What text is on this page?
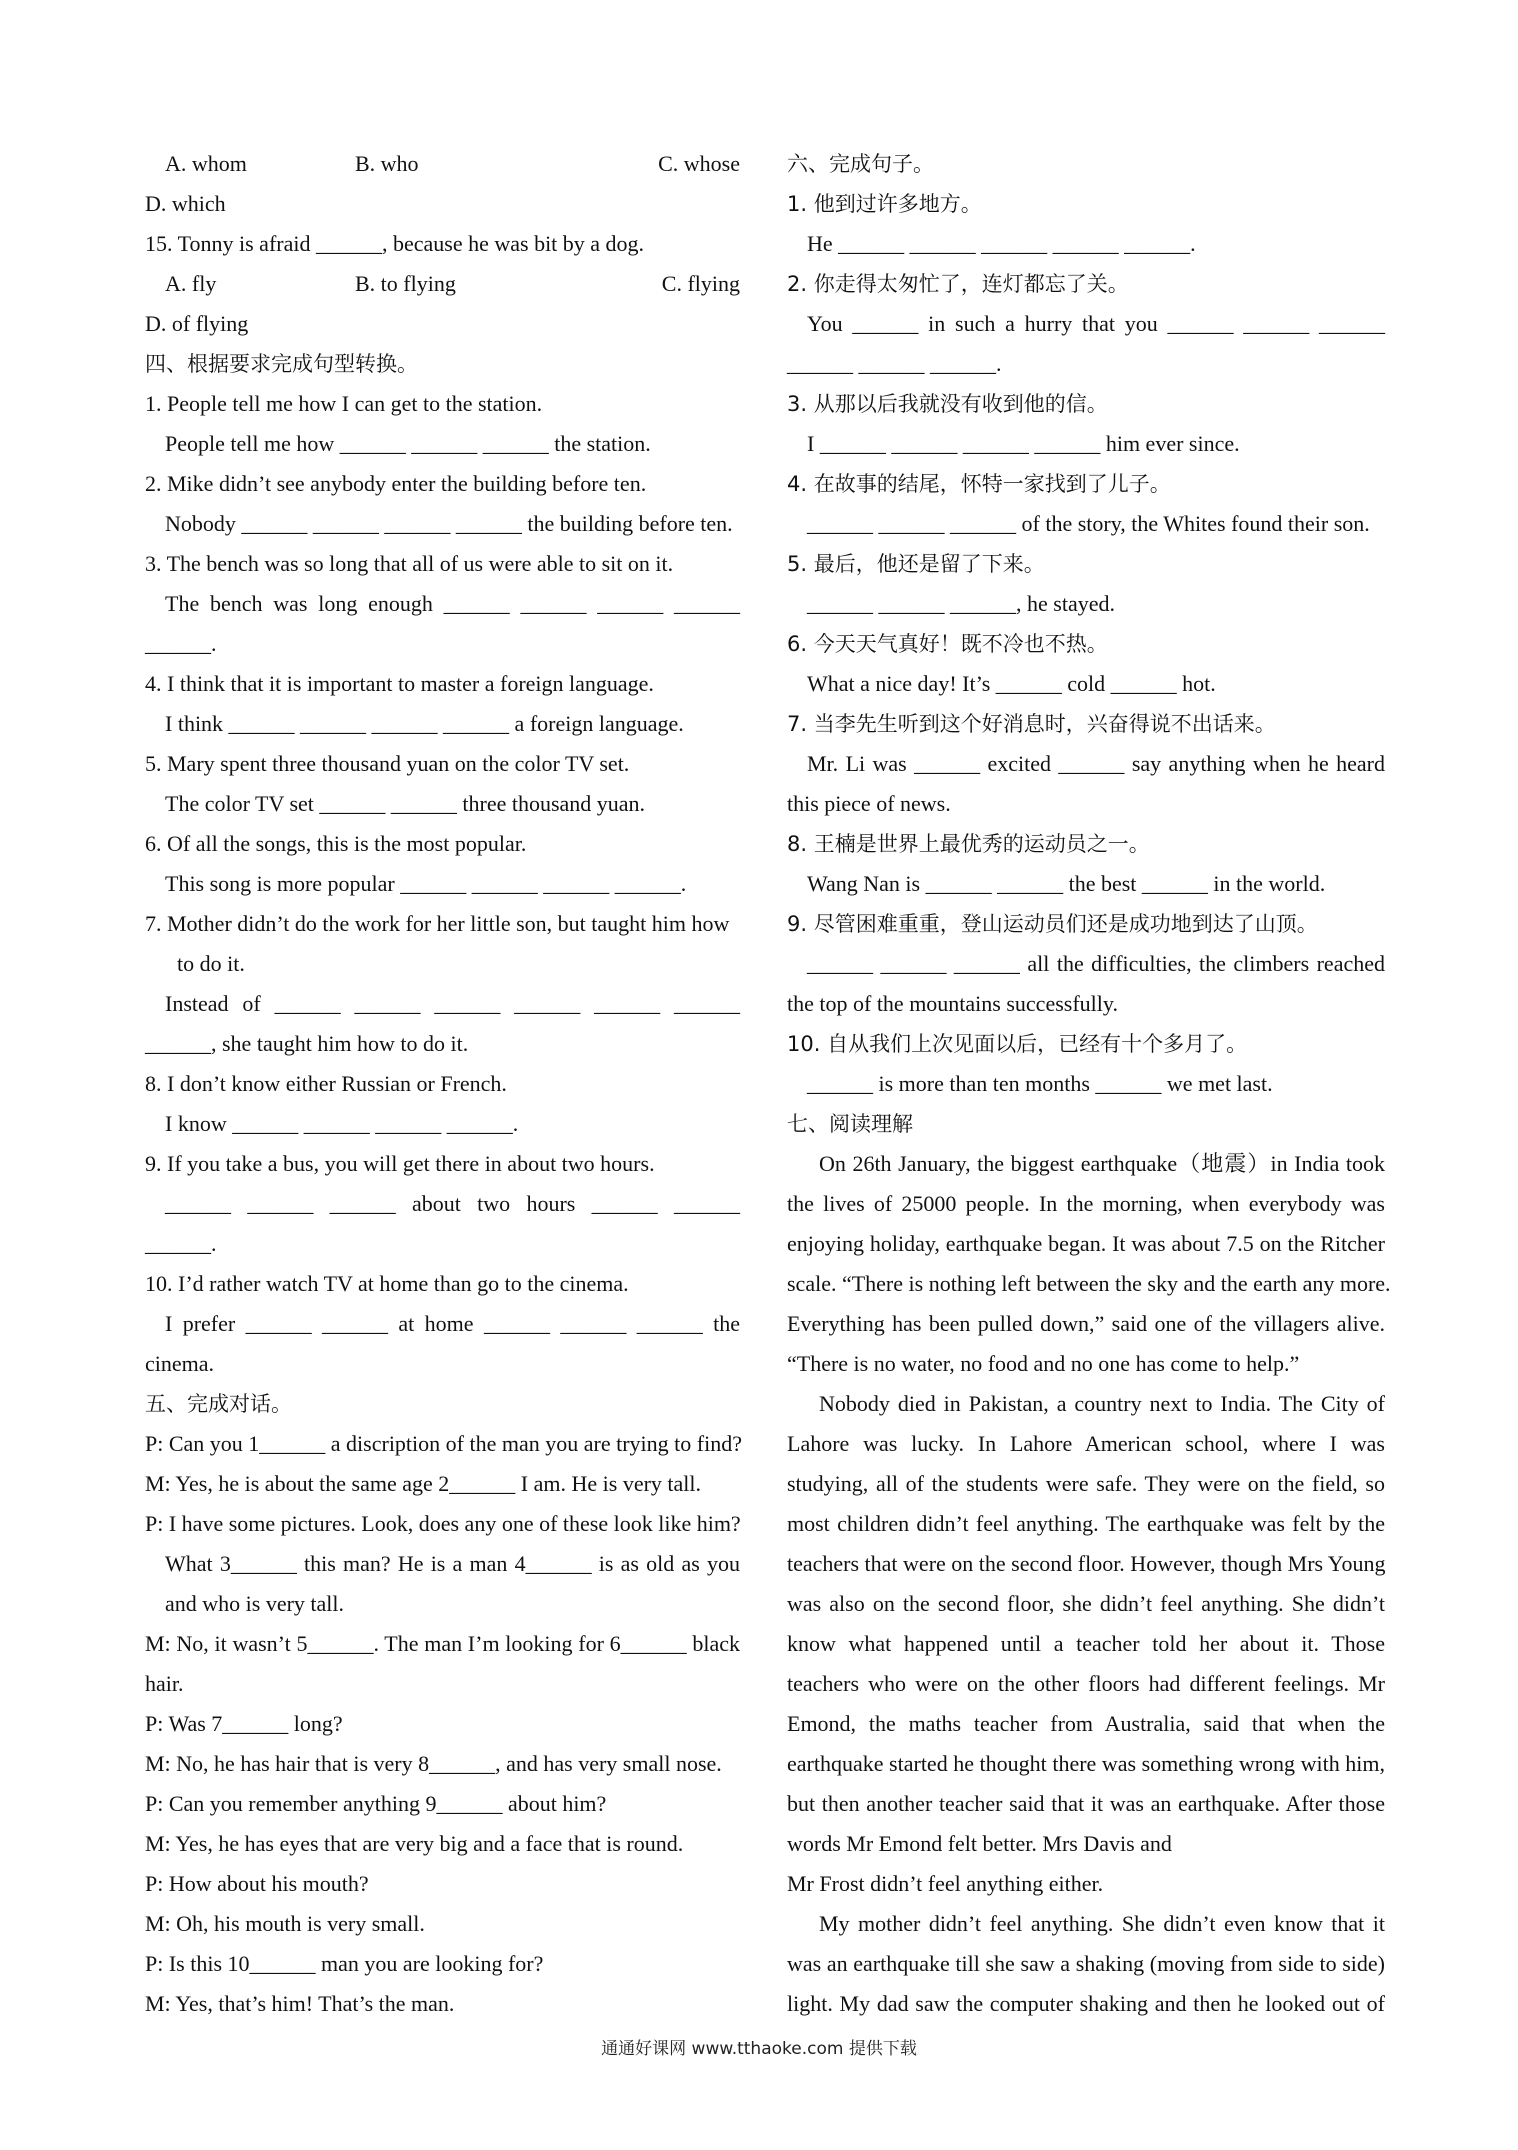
A. whom	B. who	C. whose
D. which
15. Tonny is afraid ______, because he was bit by a dog.
A. fly	B. to flying	C. flying
D. of flying
四、根据要求完成句型转换。
1. People tell me how I can get to the station.
People tell me how ______ ______ ______ the station.
2. Mike didn’t see anybody enter the building before ten.
Nobody ______ ______ ______ ______ the building before ten.
3. The bench was so long that all of us were able to sit on it.
The bench was long enough ______ ______ ______ ______
______.
4. I think that it is important to master a foreign language.
I think ______ ______ ______ ______ a foreign language.
5. Mary spent three thousand yuan on the color TV set.
The color TV set ______ ______ three thousand yuan.
6. Of all the songs, this is the most popular.
This song is more popular ______ ______ ______ ______.
7. Mother didn’t do the work for her little son, but taught him how
to do it.
Instead of ______ ______ ______ ______ ______ ______
______, she taught him how to do it.
8. I don’t know either Russian or French.
I know ______ ______ ______ ______.
9. If you take a bus, you will get there in about two hours.
______ ______ ______ about two hours ______ ______
______.
10. I’d rather watch TV at home than go to the cinema.
I prefer ______ ______ at home ______ ______ ______ the
cinema.
五、完成对话。
P: Can you 1______ a discription of the man you are trying to find?
M: Yes, he is about the same age 2______ I am. He is very tall.
P: I have some pictures. Look, does any one of these look like him?
What 3______ this man? He is a man 4______ is as old as you
and who is very tall.
M: No, it wasn’t 5______. The man I’m looking for 6______ black
hair.
P: Was 7______ long?
M: No, he has hair that is very 8______, and has very small nose.
P: Can you remember anything 9______ about him?
M: Yes, he has eyes that are very big and a face that is round.
P: How about his mouth?
M: Oh, his mouth is very small.
P: Is this 10______ man you are looking for?
M: Yes, that’s him! That’s the man.
六、完成句子。
1. 他到过许多地方。
He ______ ______ ______ ______ ______.
2. 你走得太匆忙了，连灯都忘了关。
You ______ in such a hurry that you ______ ______ ______
______ ______ ______.
3. 从那以后我就没有收到他的信。
I ______ ______ ______ ______ him ever since.
4. 在故事的结尾，怀特一家找到了儿子。
______ ______ ______ of the story, the Whites found their son.
5. 最后，他还是留了下来。
______ ______ ______, he stayed.
6. 今天天气真好！既不冷也不热。
What a nice day! It’s ______ cold ______ hot.
7. 当李先生听到这个好消息时，兴奋得说不出话来。
Mr. Li was ______ excited ______ say anything when he heard
this piece of news.
8. 王楠是世界上最优秀的运动员之一。
Wang Nan is ______ ______ the best ______ in the world.
9. 尽管困难重重，登山运动员们还是成功地到达了山顶。
______ ______ ______ all the difficulties, the climbers reached
the top of the mountains successfully.
10. 自从我们上次见面以后，已经有十个多月了。
______ is more than ten months ______ we met last.
七、阅读理解
On 26th January, the biggest earthquake（地震）in India took
the lives of 25000 people. In the morning, when everybody was
enjoying holiday, earthquake began. It was about 7.5 on the Ritcher
scale. “There is nothing left between the sky and the earth any more.
Everything has been pulled down,” said one of the villagers alive.
“There is no water, no food and no one has come to help.”
Nobody died in Pakistan, a country next to India. The City of
Lahore was lucky. In Lahore American school, where I was
studying, all of the students were safe. They were on the field, so
most children didn’t feel anything. The earthquake was felt by the
teachers that were on the second floor. However, though Mrs Young
was also on the second floor, she didn’t feel anything. She didn’t
know what happened until a teacher told her about it. Those
teachers who were on the other floors had different feelings. Mr
Emond, the maths teacher from Australia, said that when the
earthquake started he thought there was something wrong with him,
but then another teacher said that it was an earthquake. After those
words Mr Emond felt better. Mrs Davis and
Mr Frost didn’t feel anything either.
My mother didn’t feel anything. She didn’t even know that it
was an earthquake till she saw a shaking (moving from side to side)
light. My dad saw the computer shaking and then he looked out of
通通好课网 www.tthaoke.com 提供下载
